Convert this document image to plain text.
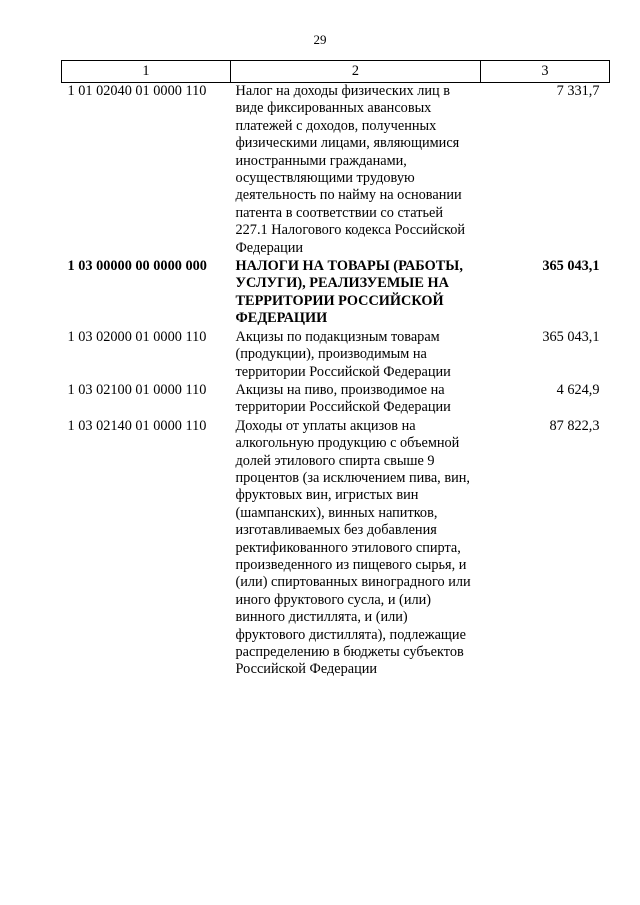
29
1	2	3
1 01 02040 01 0000 110	Налог на доходы физических лиц в виде фиксированных авансовых платежей с доходов, полученных физическими лицами, являющимися иностранными гражданами, осуществляющими трудовую деятельность по найму на основании патента в соответствии со статьей 227.1 Налогового кодекса Российской Федерации	7 331,7
1 03 00000 00 0000 000	НАЛОГИ НА ТОВАРЫ (РАБОТЫ, УСЛУГИ), РЕАЛИЗУЕМЫЕ НА ТЕРРИТОРИИ РОССИЙСКОЙ ФЕДЕРАЦИИ	365 043,1
1 03 02000 01 0000 110	Акцизы по подакцизным товарам (продукции), производимым на территории Российской Федерации	365 043,1
1 03 02100 01 0000 110	Акцизы на пиво, производимое на территории Российской Федерации	4 624,9
1 03 02140 01 0000 110	Доходы от уплаты акцизов на алкогольную продукцию с объемной долей этилового спирта свыше 9 процентов (за исключением пива, вин, фруктовых вин, игристых вин (шампанских), винных напитков, изготавливаемых без добавления ректификованного этилового спирта, произведенного из пищевого сырья, и (или) спиртованных виноградного или иного фруктового сусла, и (или) винного дистиллята, и (или) фруктового дистиллята), подлежащие распределению в бюджеты субъектов Российской Федерации	87 822,3
